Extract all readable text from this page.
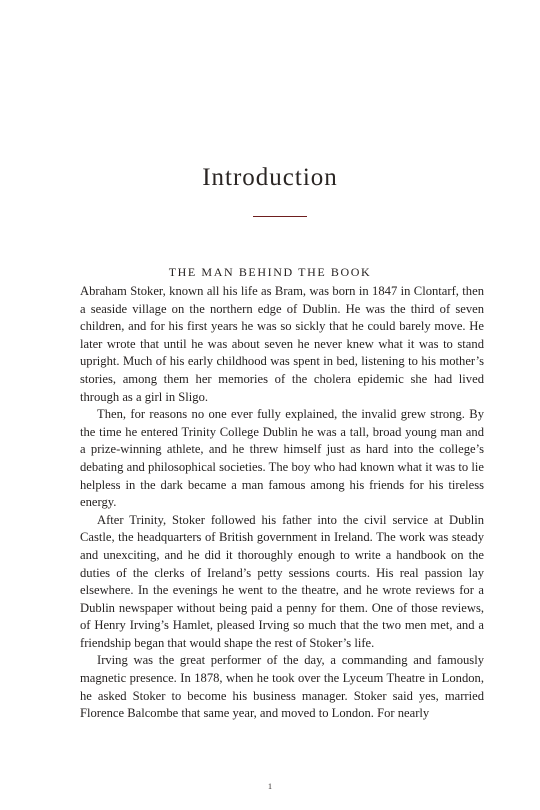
Introduction
THE MAN BEHIND THE BOOK

Abraham Stoker, known all his life as Bram, was born in 1847 in Clontarf, then a seaside village on the northern edge of Dublin. He was the third of seven children, and for his first years he was so sickly that he could barely move. He later wrote that until he was about seven he never knew what it was to stand upright. Much of his early childhood was spent in bed, listening to his mother’s stories, among them her memories of the cholera epidemic she had lived through as a girl in Sligo.

Then, for reasons no one ever fully explained, the invalid grew strong. By the time he entered Trinity College Dublin he was a tall, broad young man and a prize-winning athlete, and he threw himself just as hard into the college’s debating and philosophical societies. The boy who had known what it was to lie helpless in the dark became a man famous among his friends for his tireless energy.

After Trinity, Stoker followed his father into the civil service at Dublin Castle, the headquarters of British government in Ireland. The work was steady and unexciting, and he did it thoroughly enough to write a handbook on the duties of the clerks of Ireland’s petty sessions courts. His real passion lay elsewhere. In the evenings he went to the theatre, and he wrote reviews for a Dublin newspaper without being paid a penny for them. One of those reviews, of Henry Irving’s Hamlet, pleased Irving so much that the two men met, and a friendship began that would shape the rest of Stoker’s life.

Irving was the great performer of the day, a commanding and famously magnetic presence. In 1878, when he took over the Lyceum Theatre in London, he asked Stoker to become his business manager. Stoker said yes, married Florence Balcombe that same year, and moved to London. For nearly

1
